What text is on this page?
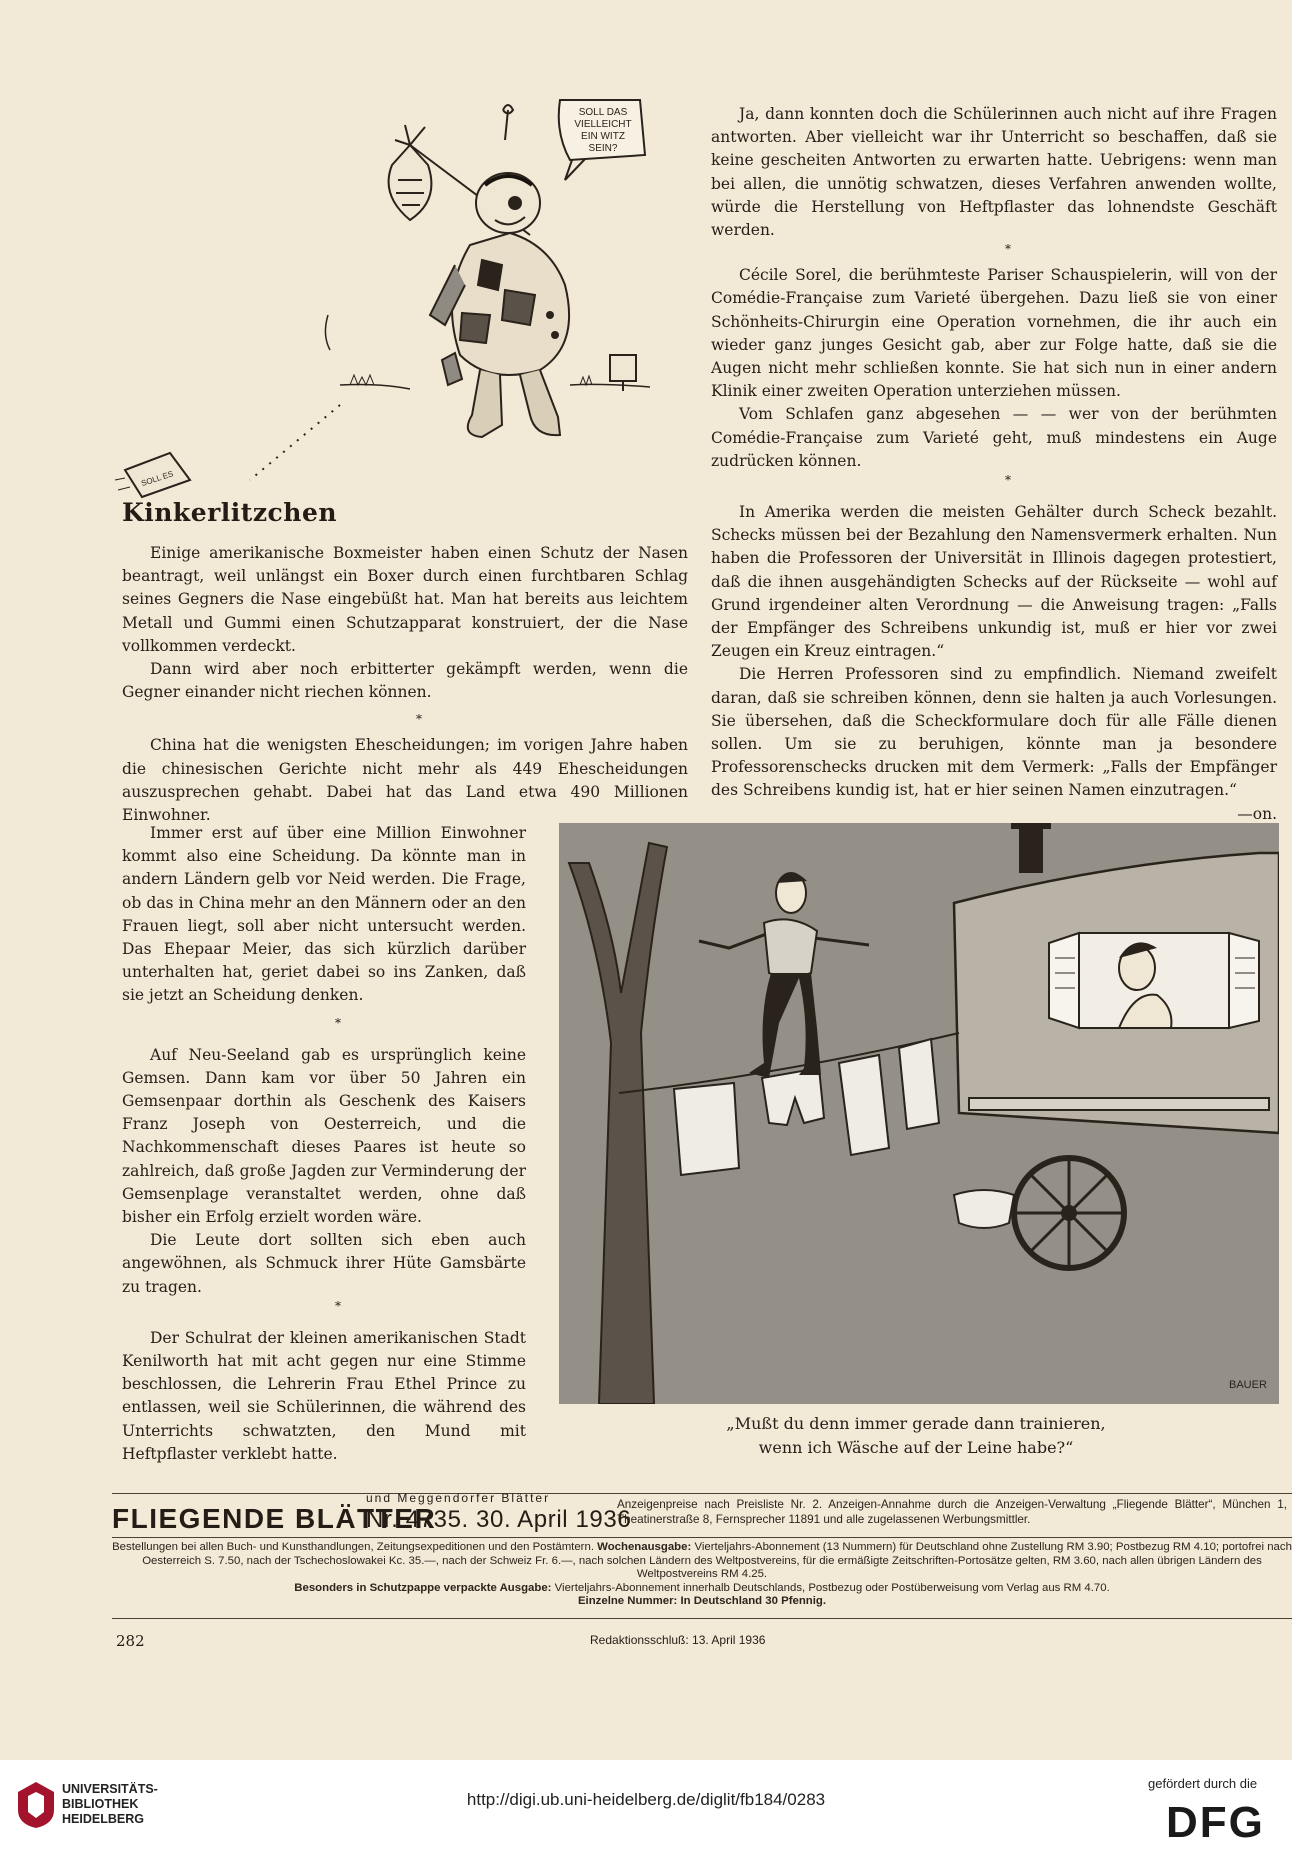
SOLL DAS
VIELLEICHT
EIN WITZ
SEIN?
SOLL ES
Kinkerlitzchen

Einige amerikanische Boxmeister haben einen Schutz der Nasen beantragt, weil unlängst ein Boxer durch einen furchtbaren Schlag seines Gegners die Nase eingebüßt hat. Man hat bereits aus leichtem Metall und Gummi einen Schutzapparat konstruiert, der die Nase vollkommen verdeckt.

Dann wird aber noch erbitterter gekämpft werden, wenn die Gegner einander nicht riechen können.

*

China hat die wenigsten Ehescheidungen; im vorigen Jahre haben die chinesischen Gerichte nicht mehr als 449 Ehescheidungen auszusprechen gehabt. Dabei hat das Land etwa 490 Millionen Einwohner.

Immer erst auf über eine Million Einwohner kommt also eine Scheidung. Da könnte man in andern Ländern gelb vor Neid werden. Die Frage, ob das in China mehr an den Männern oder an den Frauen liegt, soll aber nicht untersucht werden. Das Ehepaar Meier, das sich kürzlich darüber unterhalten hat, geriet dabei so ins Zanken, daß sie jetzt an Scheidung denken.

*

Auf Neu-Seeland gab es ursprünglich keine Gemsen. Dann kam vor über 50 Jahren ein Gemsenpaar dorthin als Geschenk des Kaisers Franz Joseph von Oesterreich, und die Nachkommenschaft dieses Paares ist heute so zahlreich, daß große Jagden zur Verminderung der Gemsenplage veranstaltet werden, ohne daß bisher ein Erfolg erzielt worden wäre.

Die Leute dort sollten sich eben auch angewöhnen, als Schmuck ihrer Hüte Gamsbärte zu tragen.

*

Der Schulrat der kleinen amerikanischen Stadt Kenilworth hat mit acht gegen nur eine Stimme beschlossen, die Lehrerin Frau Ethel Prince zu entlassen, weil sie Schülerinnen, die während des Unterrichts schwatzten, den Mund mit Heftpflaster verklebt hatte.

Ja, dann konnten doch die Schülerinnen auch nicht auf ihre Fragen antworten. Aber vielleicht war ihr Unterricht so beschaffen, daß sie keine gescheiten Antworten zu erwarten hatte. Uebrigens: wenn man bei allen, die unnötig schwatzen, dieses Verfahren anwenden wollte, würde die Herstellung von Heftpflaster das lohnendste Geschäft werden.

*

Cécile Sorel, die berühmteste Pariser Schauspielerin, will von der Comédie-Française zum Varieté übergehen. Dazu ließ sie von einer Schönheits-Chirurgin eine Operation vornehmen, die ihr auch ein wieder ganz junges Gesicht gab, aber zur Folge hatte, daß sie die Augen nicht mehr schließen konnte. Sie hat sich nun in einer andern Klinik einer zweiten Operation unterziehen müssen.

Vom Schlafen ganz abgesehen — — wer von der berühmten Comédie-Française zum Varieté geht, muß mindestens ein Auge zudrücken können.

*

In Amerika werden die meisten Gehälter durch Scheck bezahlt. Schecks müssen bei der Bezahlung den Namensvermerk erhalten. Nun haben die Professoren der Universität in Illinois dagegen protestiert, daß die ihnen ausgehändigten Schecks auf der Rückseite — wohl auf Grund irgendeiner alten Verordnung — die Anweisung tragen: „Falls der Empfänger des Schreibens unkundig ist, muß er hier vor zwei Zeugen ein Kreuz eintragen.“

Die Herren Professoren sind zu empfindlich. Niemand zweifelt daran, daß sie schreiben können, denn sie halten ja auch Vorlesungen. Sie übersehen, daß die Scheckformulare doch für alle Fälle dienen sollen. Um sie zu beruhigen, könnte man ja besondere Professorenschecks drucken mit dem Vermerk: „Falls der Empfänger des Schreibens kundig ist, hat er hier seinen Namen einzutragen.“

—on.
BAUER
„Mußt du denn immer gerade dann trainieren,
wenn ich Wäsche auf der Leine habe?“
FLIEGENDE BLÄTTER
und Meggendorfer Blätter
Nr. 4735. 30. April 1936
Anzeigenpreise nach Preisliste Nr. 2. Anzeigen-Annahme durch die Anzeigen-Verwaltung „Fliegende Blätter“, München 1, Theatinerstraße 8, Fernsprecher 11891 und alle zugelassenen Werbungsmittler.
Bestellungen bei allen Buch- und Kunsthandlungen, Zeitungsexpeditionen und den Postämtern. Wochenausgabe: Vierteljahrs-Abonnement (13 Nummern) für Deutschland ohne Zustellung RM 3.90; Postbezug RM 4.10; portofrei nach Oesterreich S. 7.50, nach der Tschechoslowakei Kc. 35.—, nach der Schweiz Fr. 6.—, nach solchen Ländern des Weltpostvereins, für die ermäßigte Zeitschriften-Portosätze gelten, RM 3.60, nach allen übrigen Ländern des Weltpostvereins RM 4.25.
Besonders in Schutzpappe verpackte Ausgabe: Vierteljahrs-Abonnement innerhalb Deutschlands, Postbezug oder Postüberweisung vom Verlag aus RM 4.70.
Einzelne Nummer: In Deutschland 30 Pfennig.
282	Redaktionsschluß: 13. April 1936
UNIVERSITÄTS-
BIBLIOTHEK
HEIDELBERG
http://digi.ub.uni-heidelberg.de/diglit/fb184/0283
gefördert durch die
DFG
